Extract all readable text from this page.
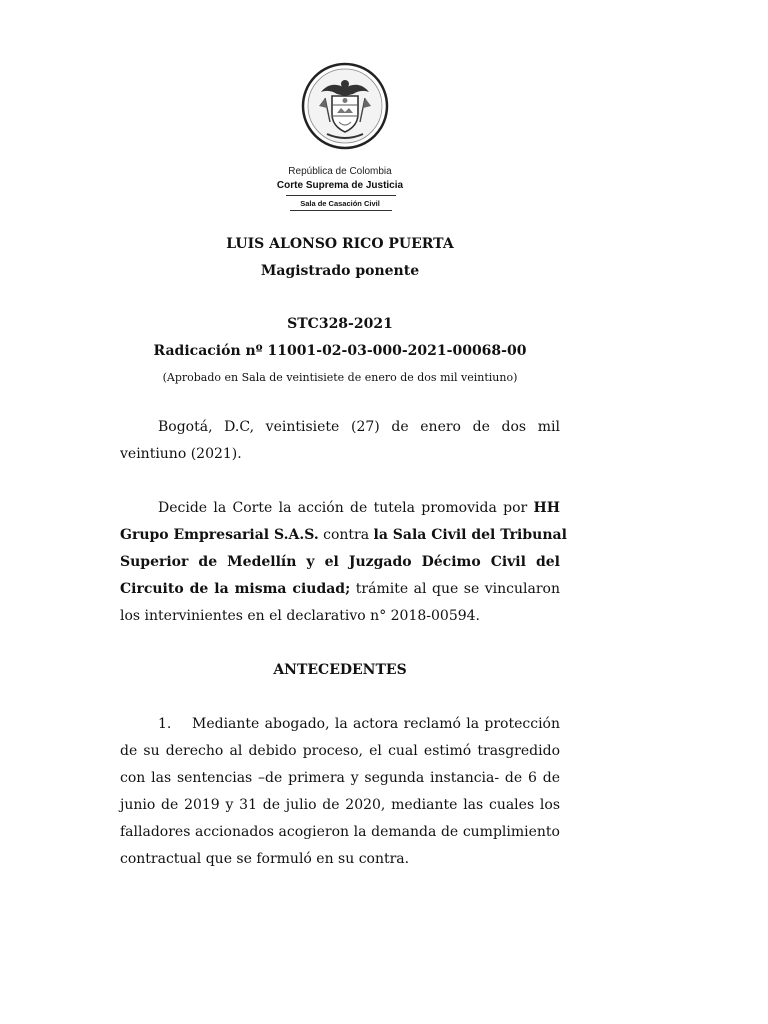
República de Colombia
Corte Suprema de Justicia
Sala de Casación Civil
LUIS ALONSO RICO PUERTA
Magistrado ponente
STC328-2021
Radicación nº 11001-02-03-000-2021-00068-00
(Aprobado en Sala de veintisiete de enero de dos mil veintiuno)
Bogotá, D.C, veintisiete (27) de enero de dos mil
veintiuno (2021).
Decide la Corte la acción de tutela promovida por HH
Grupo Empresarial S.A.S. contra la Sala Civil del Tribunal
Superior de Medellín y el Juzgado Décimo Civil del
Circuito de la misma ciudad; trámite al que se vincularon
los intervinientes en el declarativo n° 2018-00594.
ANTECEDENTES
1. Mediante abogado, la actora reclamó la protección
de su derecho al debido proceso, el cual estimó trasgredido
con las sentencias –de primera y segunda instancia- de 6 de
junio de 2019 y 31 de julio de 2020, mediante las cuales los
falladores accionados acogieron la demanda de cumplimiento
contractual que se formuló en su contra.
